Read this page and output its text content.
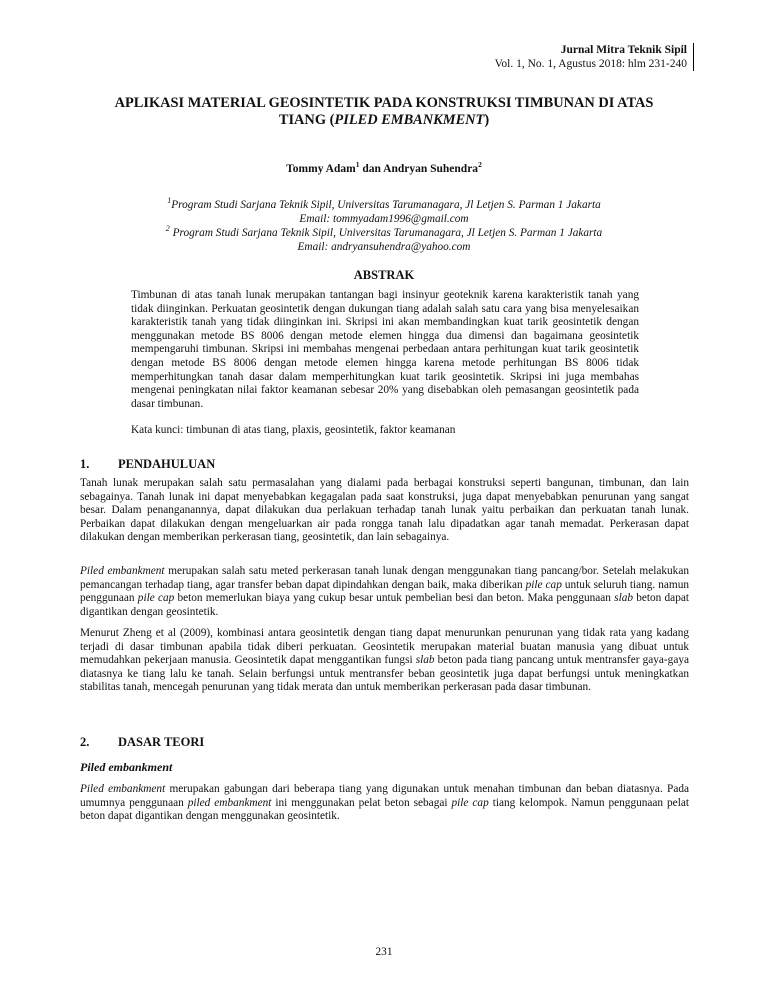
Jurnal Mitra Teknik Sipil
Vol. 1, No. 1, Agustus 2018: hlm 231-240
APLIKASI MATERIAL GEOSINTETIK PADA KONSTRUKSI TIMBUNAN DI ATAS
TIANG (PILED EMBANKMENT)
Tommy Adam$^1$ dan Andryan Suhendra$^2$
$^1$Program Studi Sarjana Teknik Sipil, Universitas Tarumanagara, Jl Letjen S. Parman 1 Jakarta
Email: tommyadam1996@gmail.com
$^2$ Program Studi Sarjana Teknik Sipil, Universitas Tarumanagara, Jl Letjen S. Parman 1 Jakarta
Email: andryansuhendra@yahoo.com
ABSTRAK
Timbunan di atas tanah lunak merupakan tantangan bagi insinyur geoteknik karena karakteristik tanah yang tidak diinginkan. Perkuatan geosintetik dengan dukungan tiang adalah salah satu cara yang bisa menyelesaikan karakteristik tanah yang tidak diinginkan ini. Skripsi ini akan membandingkan kuat tarik geosintetik dengan menggunakan metode BS 8006 dengan metode elemen hingga dua dimensi dan bagaimana geosintetik mempengaruhi timbunan. Skripsi ini membahas mengenai perbedaan antara perhitungan kuat tarik geosintetik dengan metode BS 8006 dengan metode elemen hingga karena metode perhitungan BS 8006 tidak memperhitungkan tanah dasar dalam memperhitungkan kuat tarik geosintetik. Skripsi ini juga membahas mengenai peningkatan nilai faktor keamanan sebesar 20% yang disebabkan oleh pemasangan geosintetik pada dasar timbunan.
Kata kunci: timbunan di atas tiang, plaxis, geosintetik, faktor keamanan
1. PENDAHULUAN

Tanah lunak merupakan salah satu permasalahan yang dialami pada berbagai konstruksi seperti bangunan, timbunan, dan lain sebagainya. Tanah lunak ini dapat menyebabkan kegagalan pada saat konstruksi, juga dapat menyebabkan penurunan yang sangat besar. Dalam penanganannya, dapat dilakukan dua perlakuan terhadap tanah lunak yaitu perbaikan dan perkuatan tanah lunak. Perbaikan dapat dilakukan dengan mengeluarkan air pada rongga tanah lalu dipadatkan agar tanah memadat. Perkerasan dapat dilakukan dengan memberikan perkerasan tiang, geosintetik, dan lain sebagainya.

Piled embankment merupakan salah satu meted perkerasan tanah lunak dengan menggunakan tiang pancang/bor. Setelah melakukan pemancangan terhadap tiang, agar transfer beban dapat dipindahkan dengan baik, maka diberikan pile cap untuk seluruh tiang. namun penggunaan pile cap beton memerlukan biaya yang cukup besar untuk pembelian besi dan beton. Maka penggunaan slab beton dapat digantikan dengan geosintetik.

Menurut Zheng et al (2009), kombinasi antara geosintetik dengan tiang dapat menurunkan penurunan yang tidak rata yang kadang terjadi di dasar timbunan apabila tidak diberi perkuatan. Geosintetik merupakan material buatan manusia yang dibuat untuk memudahkan pekerjaan manusia. Geosintetik dapat menggantikan fungsi slab beton pada tiang pancang untuk mentransfer gaya-gaya diatasnya ke tiang lalu ke tanah. Selain berfungsi untuk mentransfer beban geosintetik juga dapat berfungsi untuk meningkatkan stabilitas tanah, mencegah penurunan yang tidak merata dan untuk memberikan perkerasan pada dasar timbunan.

2. DASAR TEORI
Piled embankment

Piled embankment merupakan gabungan dari beberapa tiang yang digunakan untuk menahan timbunan dan beban diatasnya. Pada umumnya penggunaan piled embankment ini menggunakan pelat beton sebagai pile cap tiang kelompok. Namun penggunaan pelat beton dapat digantikan dengan menggunakan geosintetik.

231
